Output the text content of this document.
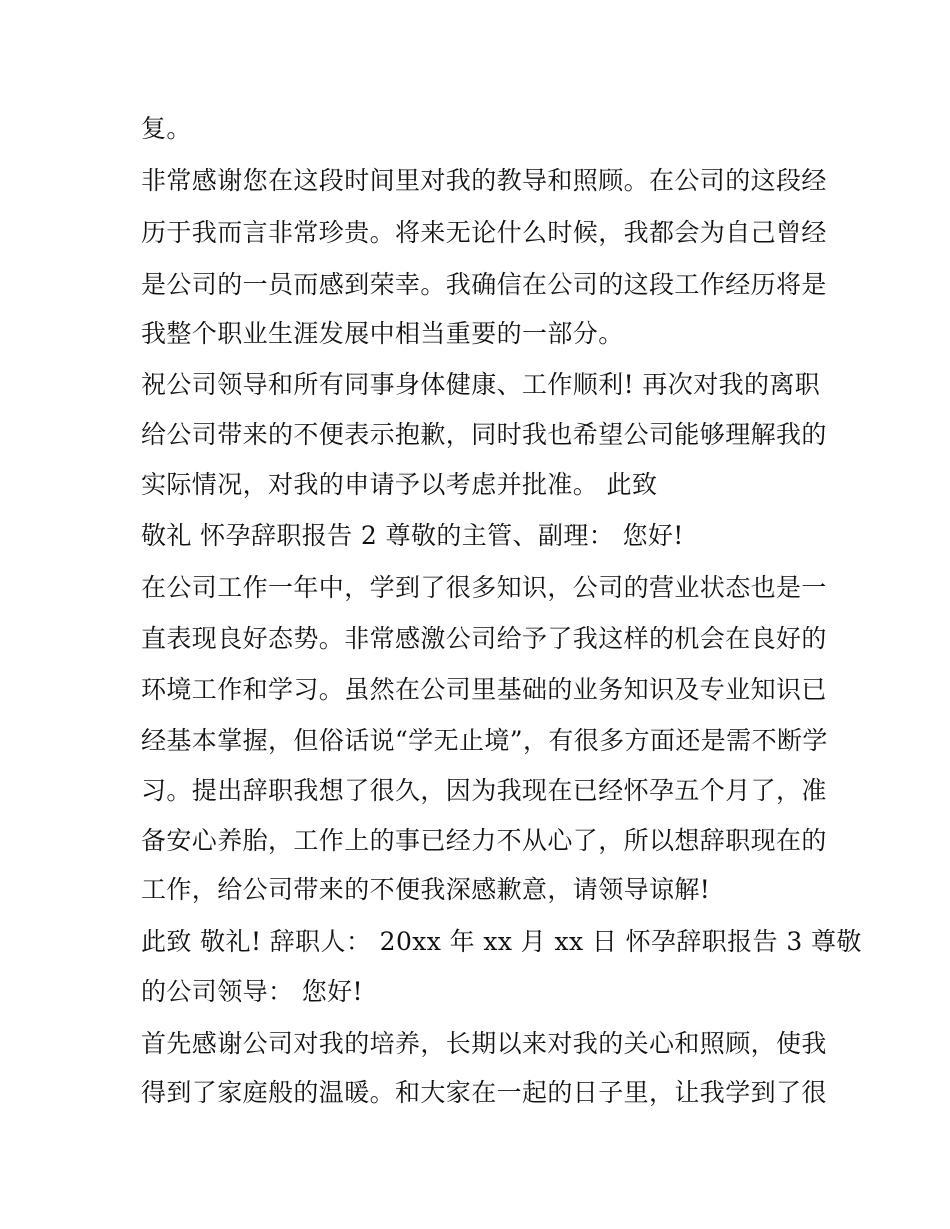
复。
非常感谢您在这段时间里对我的教导和照顾。在公司的这段经
历于我而言非常珍贵。将来无论什么时候，我都会为自己曾经
是公司的一员而感到荣幸。我确信在公司的这段工作经历将是
我整个职业生涯发展中相当重要的一部分。
祝公司领导和所有同事身体健康、工作顺利! 再次对我的离职
给公司带来的不便表示抱歉，同时我也希望公司能够理解我的
实际情况，对我的申请予以考虑并批准。 此致
敬礼 怀孕辞职报告 2 尊敬的主管、副理： 您好!
在公司工作一年中，学到了很多知识，公司的营业状态也是一
直表现良好态势。非常感激公司给予了我这样的机会在良好的
环境工作和学习。虽然在公司里基础的业务知识及专业知识已
经基本掌握，但俗话说“学无止境”，有很多方面还是需不断学
习。提出辞职我想了很久，因为我现在已经怀孕五个月了，准
备安心养胎，工作上的事已经力不从心了，所以想辞职现在的
工作，给公司带来的不便我深感歉意，请领导谅解!
此致 敬礼! 辞职人： 20xx 年 xx 月 xx 日 怀孕辞职报告 3 尊敬
的公司领导： 您好!
首先感谢公司对我的培养，长期以来对我的关心和照顾，使我
得到了家庭般的温暖。和大家在一起的日子里，让我学到了很
